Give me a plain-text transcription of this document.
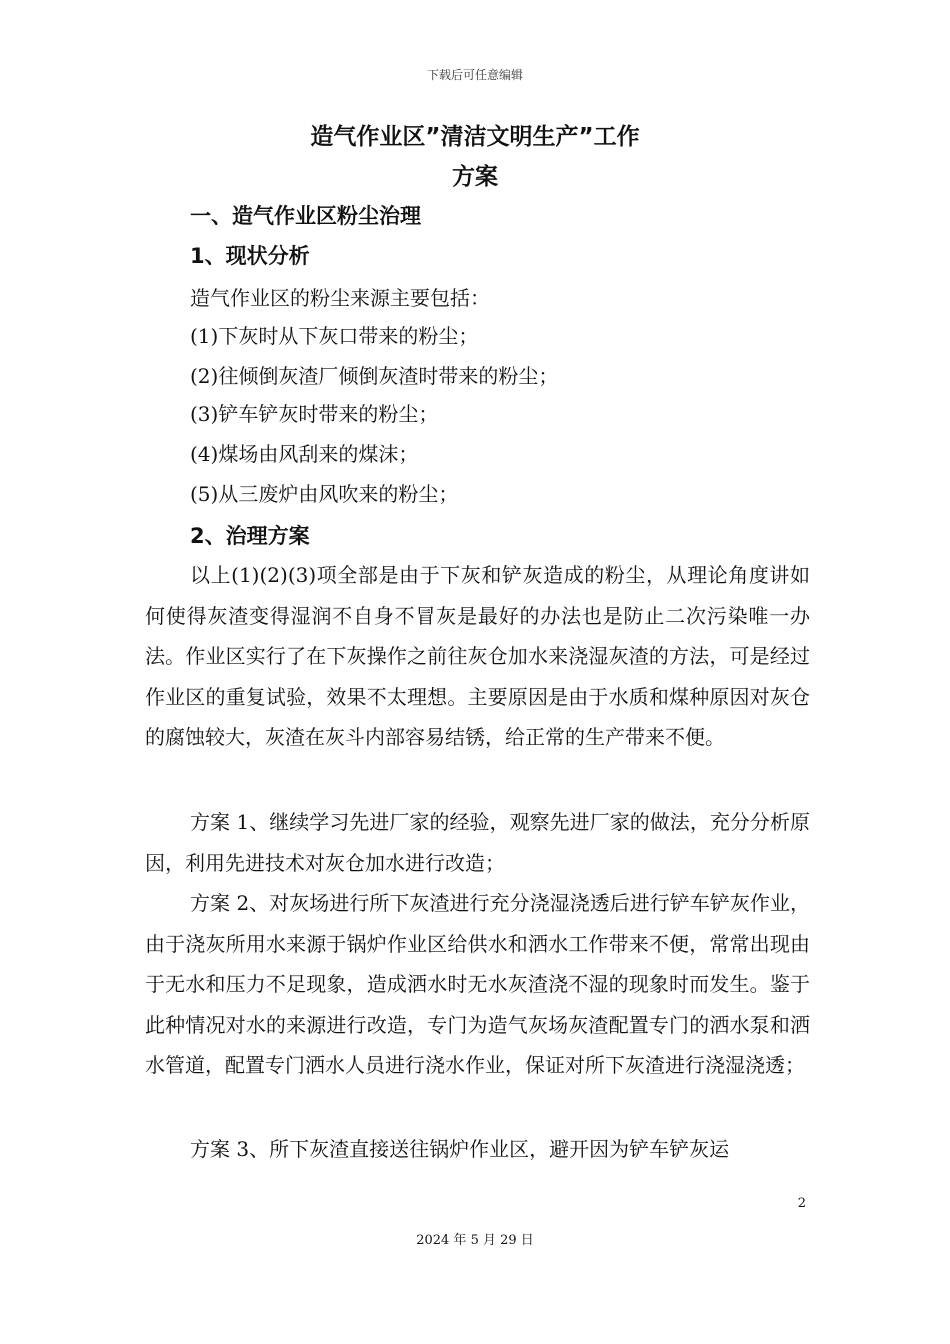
下载后可任意编辑
造气作业区”清洁文明生产”工作
方案
一、造气作业区粉尘治理
1、现状分析
造气作业区的粉尘来源主要包括：
(1)下灰时从下灰口带来的粉尘；
(2)往倾倒灰渣厂倾倒灰渣时带来的粉尘；
(3)铲车铲灰时带来的粉尘；
(4)煤场由风刮来的煤沫；
(5)从三废炉由风吹来的粉尘；
2、治理方案

以上(1)(2)(3)项全部是由于下灰和铲灰造成的粉尘，从理论角度讲如何使得灰渣变得湿润不自身不冒灰是最好的办法也是防止二次污染唯一办法。作业区实行了在下灰操作之前往灰仓加水来浇湿灰渣的方法，可是经过作业区的重复试验，效果不太理想。主要原因是由于水质和煤种原因对灰仓的腐蚀较大，灰渣在灰斗内部容易结锈，给正常的生产带来不便。

方案 1、继续学习先进厂家的经验，观察先进厂家的做法，充分分析原因，利用先进技术对灰仓加水进行改造；

方案 2、对灰场进行所下灰渣进行充分浇湿浇透后进行铲车铲灰作业，由于浇灰所用水来源于锅炉作业区给供水和洒水工作带来不便，常常出现由于无水和压力不足现象，造成洒水时无水灰渣浇不湿的现象时而发生。鉴于此种情况对水的来源进行改造，专门为造气灰场灰渣配置专门的洒水泵和洒水管道，配置专门洒水人员进行浇水作业，保证对所下灰渣进行浇湿浇透；

方案 3、所下灰渣直接送往锅炉作业区，避开因为铲车铲灰运

2
2024 年 5 月 29 日
